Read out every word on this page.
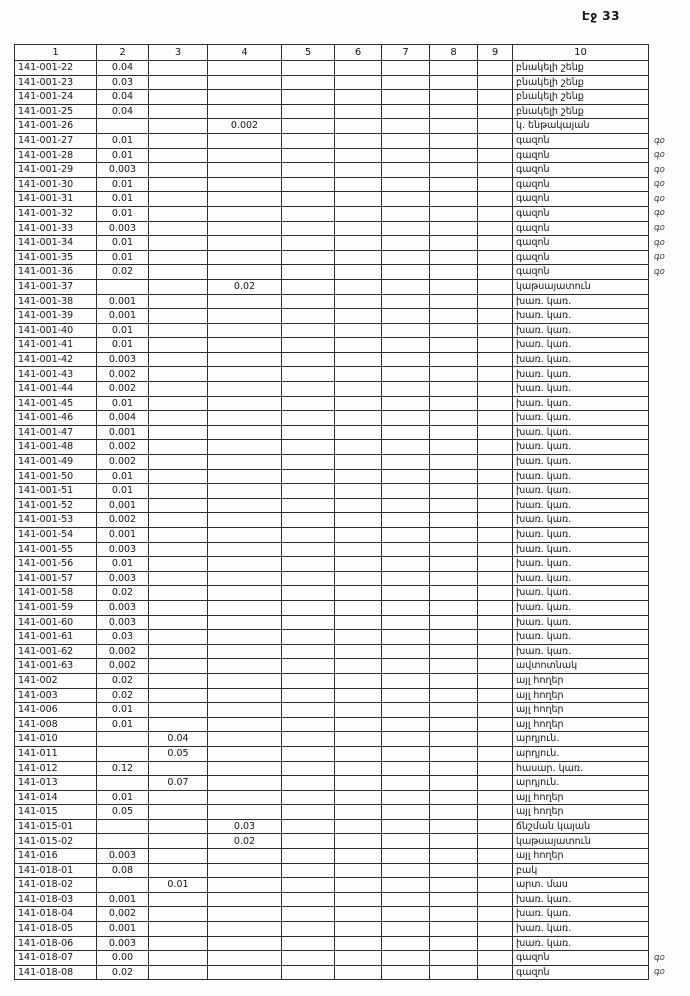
Էջ 33
1	2	3	4	5	6	7	8	9	10	
141-001-22	0.04								բնակելի շենք	
141-001-23	0.03								բնակելի շենք	
141-001-24	0.04								բնակելի շենք	
141-001-25	0.04								բնակելի շենք	
141-001-26			0.002						կ. ենթակայան	
141-001-27	0.01								գազոն	գօ
141-001-28	0.01								գազոն	գօ
141-001-29	0.003								գազոն	գօ
141-001-30	0.01								գազոն	գօ
141-001-31	0.01								գազոն	գօ
141-001-32	0.01								գազոն	գօ
141-001-33	0.003								գազոն	գօ
141-001-34	0.01								գազոն	գօ
141-001-35	0.01								գազոն	գօ
141-001-36	0.02								գազոն	գօ
141-001-37			0.02						կաթսայատուն	
141-001-38	0.001								խառ. կառ.	
141-001-39	0.001								խառ. կառ.	
141-001-40	0.01								խառ. կառ.	
141-001-41	0.01								խառ. կառ.	
141-001-42	0.003								խառ. կառ.	
141-001-43	0.002								խառ. կառ.	
141-001-44	0.002								խառ. կառ.	
141-001-45	0.01								խառ. կառ.	
141-001-46	0.004								խառ. կառ.	
141-001-47	0.001								խառ. կառ.	
141-001-48	0.002								խառ. կառ.	
141-001-49	0.002								խառ. կառ.	
141-001-50	0.01								խառ. կառ.	
141-001-51	0.01								խառ. կառ.	
141-001-52	0.001								խառ. կառ.	
141-001-53	0.002								խառ. կառ.	
141-001-54	0.001								խառ. կառ.	
141-001-55	0.003								խառ. կառ.	
141-001-56	0.01								խառ. կառ.	
141-001-57	0.003								խառ. կառ.	
141-001-58	0.02								խառ. կառ.	
141-001-59	0.003								խառ. կառ.	
141-001-60	0.003								խառ. կառ.	
141-001-61	0.03								խառ. կառ.	
141-001-62	0.002								խառ. կառ.	
141-001-63	0.002								ավտոտնակ	
141-002	0.02								այլ հողեր	
141-003	0.02								այլ հողեր	
141-006	0.01								այլ հողեր	
141-008	0.01								այլ հողեր	
141-010		0.04							արդյուն.	
141-011		0.05							արդյուն.	
141-012	0.12								հասար. կառ.	
141-013		0.07							արդյուն.	
141-014	0.01								այլ հողեր	
141-015	0.05								այլ հողեր	
141-015-01			0.03						ճնշման կայան	
141-015-02			0.02						կաթսայատուն	
141-016	0.003								այլ հողեր	
141-018-01	0.08								բակ	
141-018-02		0.01							արտ. մաս	
141-018-03	0.001								խառ. կառ.	
141-018-04	0.002								խառ. կառ.	
141-018-05	0.001								խառ. կառ.	
141-018-06	0.003								խառ. կառ.	
141-018-07	0.00								գազոն	գօ
141-018-08	0.02								գազոն	գօ
